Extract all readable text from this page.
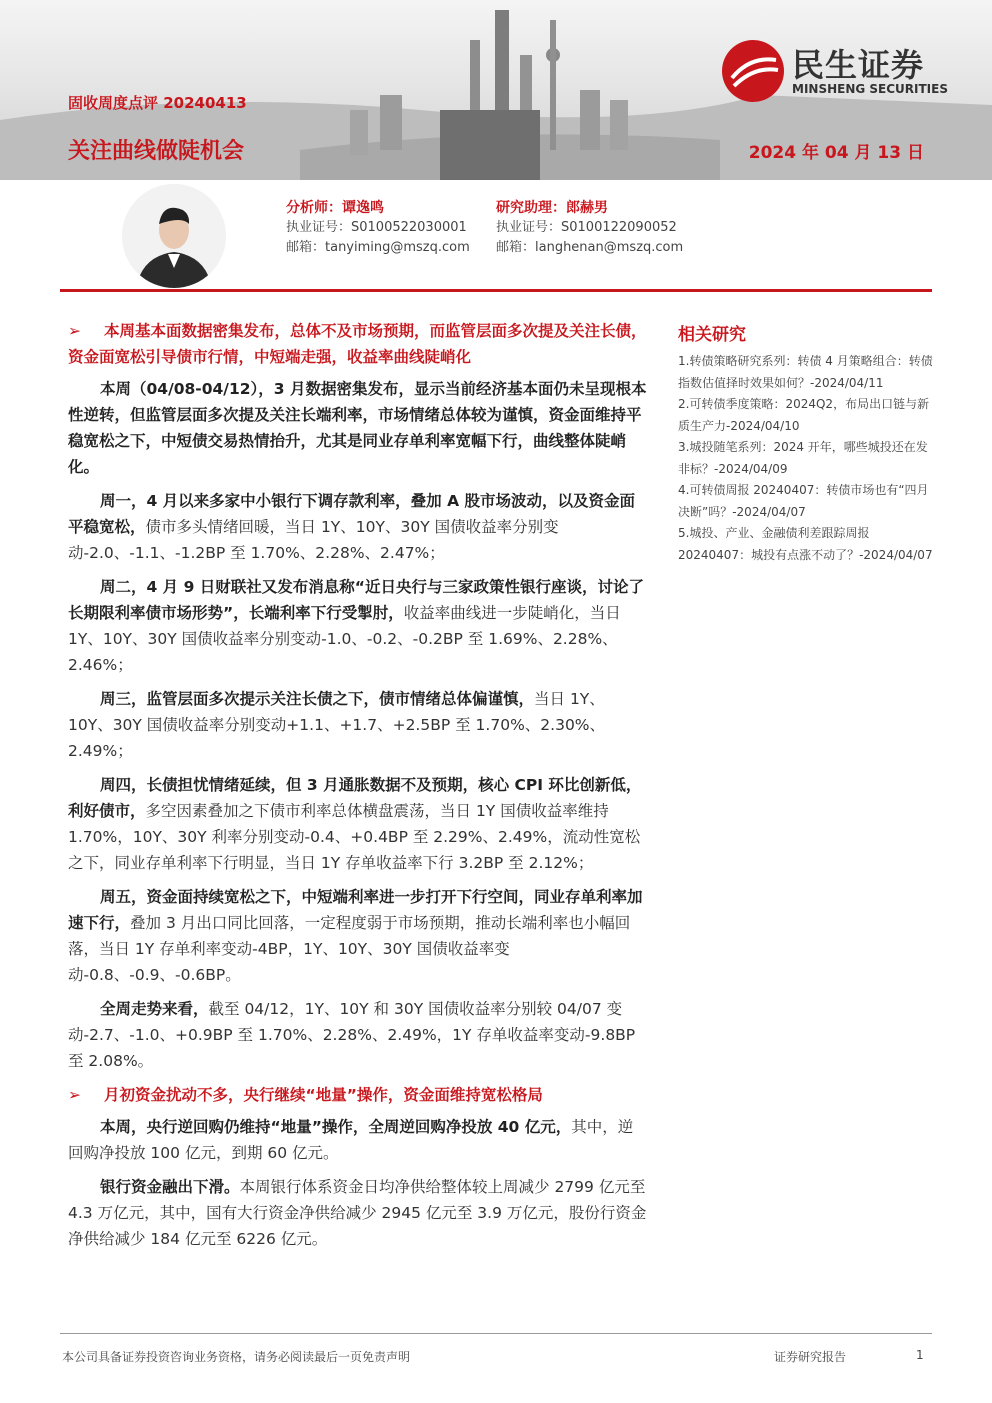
民生证券
MINSHENG SECURITIES
固收周度点评 20240413
关注曲线做陡机会	2024 年 04 月 13 日
分析师：谭逸鸣
执业证号：S0100522030001
邮箱：tanyiming@mszq.com
研究助理：郎赫男
执业证号：S0100122090052
邮箱：langhenan@mszq.com

➢ 本周基本面数据密集发布，总体不及市场预期，而监管层面多次提及关注长债，资金面宽松引导债市行情，中短端走强，收益率曲线陡峭化

本周（04/08-04/12），3 月数据密集发布，显示当前经济基本面仍未呈现根本性逆转，但监管层面多次提及关注长端利率，市场情绪总体较为谨慎，资金面维持平稳宽松之下，中短债交易热情抬升，尤其是同业存单利率宽幅下行，曲线整体陡峭化。

周一，4 月以来多家中小银行下调存款利率，叠加 A 股市场波动，以及资金面平稳宽松，债市多头情绪回暖，当日 1Y、10Y、30Y 国债收益率分别变动-2.0、-1.1、-1.2BP 至 1.70%、2.28%、2.47%；

周二，4 月 9 日财联社又发布消息称“近日央行与三家政策性银行座谈，讨论了长期限利率债市场形势”，长端利率下行受掣肘，收益率曲线进一步陡峭化，当日 1Y、10Y、30Y 国债收益率分别变动-1.0、-0.2、-0.2BP 至 1.69%、2.28%、2.46%；

周三，监管层面多次提示关注长债之下，债市情绪总体偏谨慎，当日 1Y、10Y、30Y 国债收益率分别变动+1.1、+1.7、+2.5BP 至 1.70%、2.30%、2.49%；

周四，长债担忧情绪延续，但 3 月通胀数据不及预期，核心 CPI 环比创新低，利好债市，多空因素叠加之下债市利率总体横盘震荡，当日 1Y 国债收益率维持 1.70%，10Y、30Y 利率分别变动-0.4、+0.4BP 至 2.29%、2.49%，流动性宽松之下，同业存单利率下行明显，当日 1Y 存单收益率下行 3.2BP 至 2.12%；

周五，资金面持续宽松之下，中短端利率进一步打开下行空间，同业存单利率加速下行，叠加 3 月出口同比回落，一定程度弱于市场预期，推动长端利率也小幅回落，当日 1Y 存单利率变动-4BP，1Y、10Y、30Y 国债收益率变动-0.8、-0.9、-0.6BP。

全周走势来看，截至 04/12，1Y、10Y 和 30Y 国债收益率分别较 04/07 变动-2.7、-1.0、+0.9BP 至 1.70%、2.28%、2.49%，1Y 存单收益率变动-9.8BP 至 2.08%。

➢ 月初资金扰动不多，央行继续“地量”操作，资金面维持宽松格局

本周，央行逆回购仍维持“地量”操作，全周逆回购净投放 40 亿元，其中，逆回购净投放 100 亿元，到期 60 亿元。

银行资金融出下滑。本周银行体系资金日均净供给整体较上周减少 2799 亿元至 4.3 万亿元，其中，国有大行资金净供给减少 2945 亿元至 3.9 万亿元，股份行资金净供给减少 184 亿元至 6226 亿元。

相关研究
1.转债策略研究系列：转债 4 月策略组合：转债指数估值择时效果如何？-2024/04/11
2.可转债季度策略：2024Q2，布局出口链与新质生产力-2024/04/10
3.城投随笔系列：2024 开年，哪些城投还在发非标？-2024/04/09
4.可转债周报 20240407：转债市场也有“四月决断”吗？-2024/04/07
5.城投、产业、金融债利差跟踪周报 20240407：城投有点涨不动了？-2024/04/07
本公司具备证券投资咨询业务资格，请务必阅读最后一页免责声明	证券研究报告	1
